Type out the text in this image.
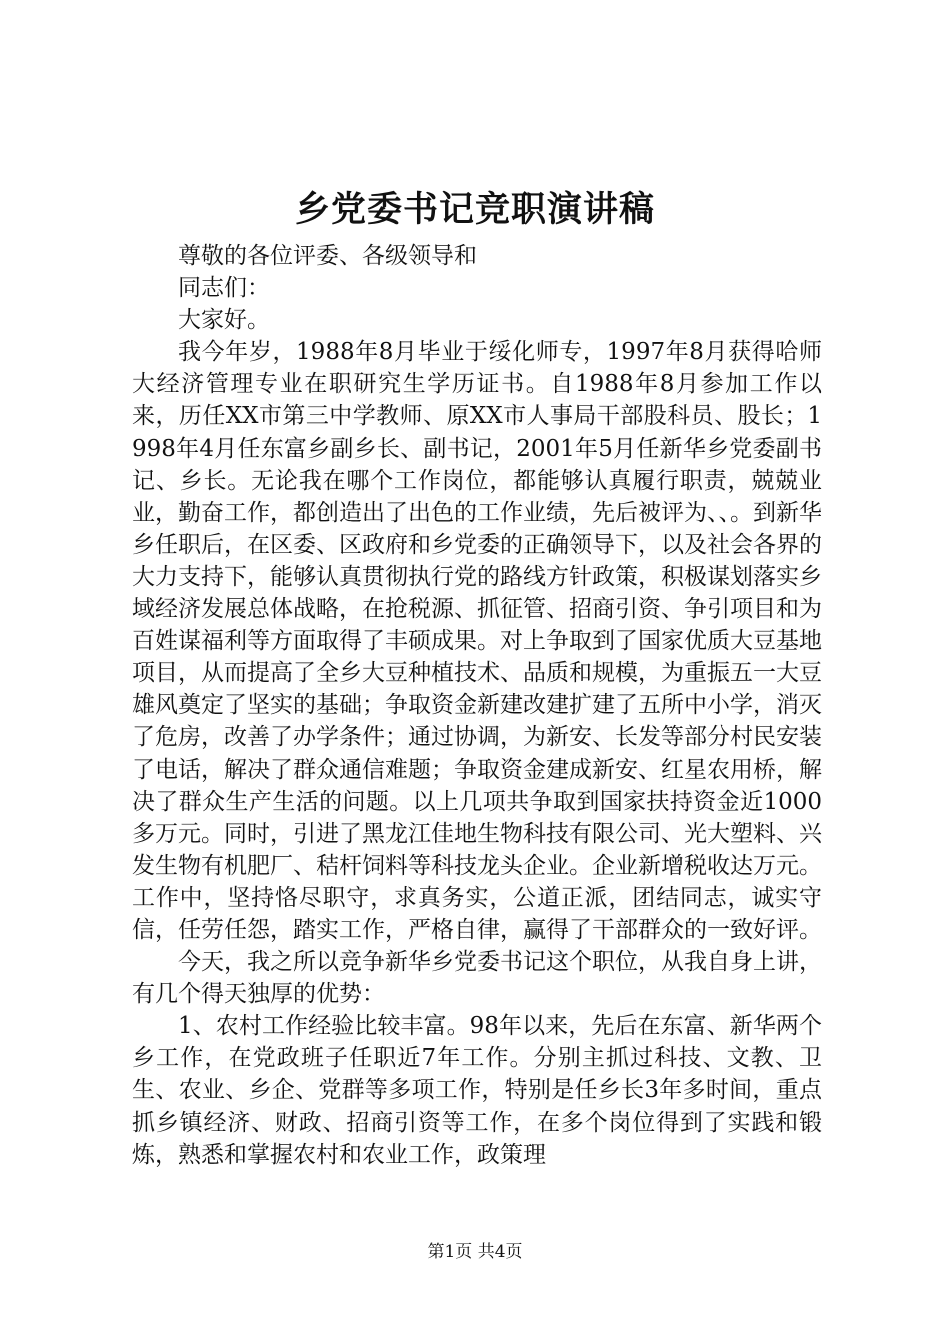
乡党委书记竞职演讲稿

尊敬的各位评委、各级领导和

同志们：

大家好。

我今年岁，1988年8月毕业于绥化师专，1997年8月获得哈师大经济管理专业在职研究生学历证书。自1988年8月参加工作以来，历任XX市第三中学教师、原XX市人事局干部股科员、股长；1998年4月任东富乡副乡长、副书记，2001年5月任新华乡党委副书记、乡长。无论我在哪个工作岗位，都能够认真履行职责，兢兢业业，勤奋工作，都创造出了出色的工作业绩，先后被评为、、。到新华乡任职后，在区委、区政府和乡党委的正确领导下，以及社会各界的大力支持下，能够认真贯彻执行党的路线方针政策，积极谋划落实乡域经济发展总体战略，在抢税源、抓征管、招商引资、争引项目和为百姓谋福利等方面取得了丰硕成果。对上争取到了国家优质大豆基地项目，从而提高了全乡大豆种植技术、品质和规模，为重振五一大豆雄风奠定了坚实的基础；争取资金新建改建扩建了五所中小学，消灭了危房，改善了办学条件；通过协调，为新安、长发等部分村民安装了电话，解决了群众通信难题；争取资金建成新安、红星农用桥，解决了群众生产生活的问题。以上几项共争取到国家扶持资金近1000多万元。同时，引进了黑龙江佳地生物科技有限公司、光大塑料、兴发生物有机肥厂、秸杆饲料等科技龙头企业。企业新增税收达万元。工作中，坚持恪尽职守，求真务实，公道正派，团结同志，诚实守信，任劳任怨，踏实工作，严格自律，赢得了干部群众的一致好评。

今天，我之所以竞争新华乡党委书记这个职位，从我自身上讲，有几个得天独厚的优势：

1、农村工作经验比较丰富。98年以来，先后在东富、新华两个乡工作，在党政班子任职近7年工作。分别主抓过科技、文教、卫生、农业、乡企、党群等多项工作，特别是任乡长3年多时间，重点抓乡镇经济、财政、招商引资等工作，在多个岗位得到了实践和锻炼，熟悉和掌握农村和农业工作，政策理

第1页 共4页
